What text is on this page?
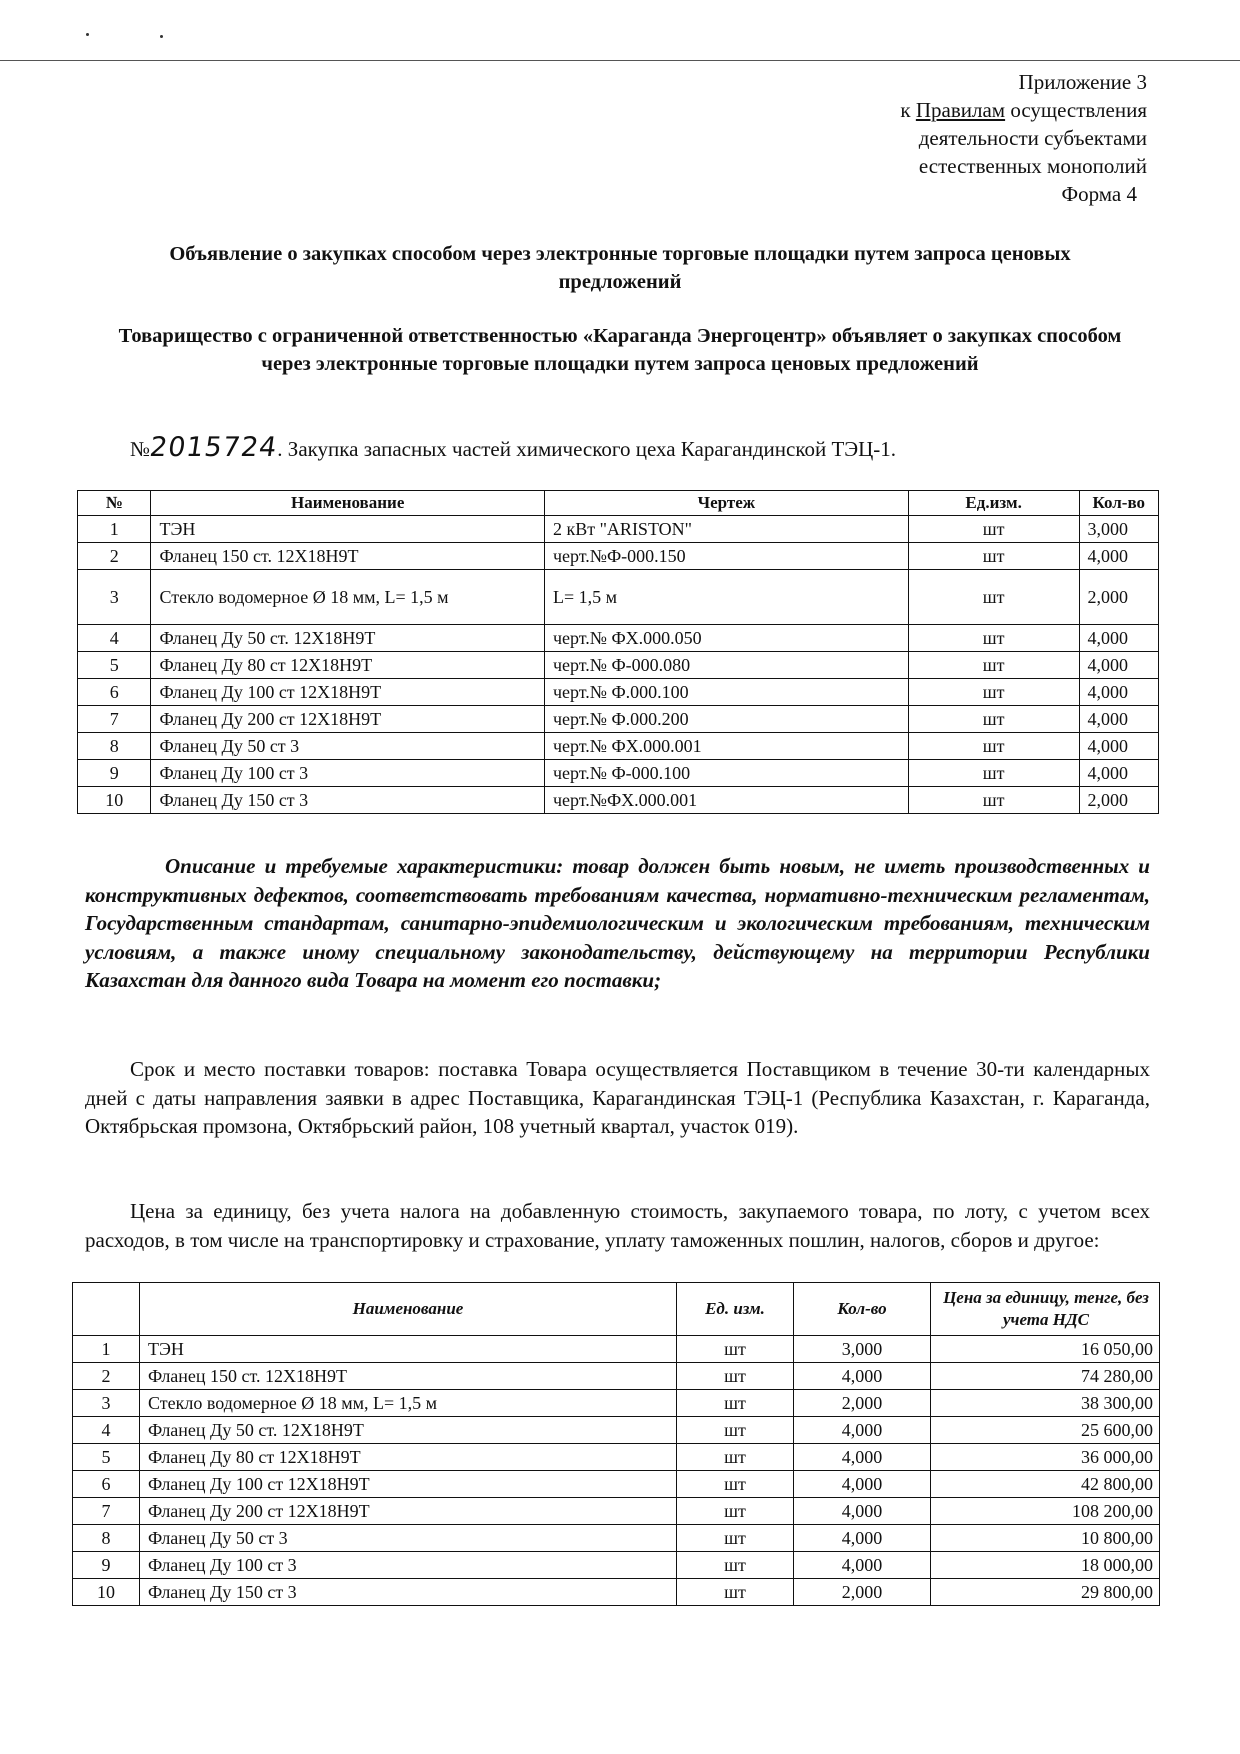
Приложение 3
к Правилам осуществления
деятельности субъектами
естественных монополий
Форма 4
Объявление о закупках способом через электронные торговые площадки путем запроса ценовых предложений
Товарищество с ограниченной ответственностью «Караганда Энергоцентр» объявляет о закупках способом через электронные торговые площадки путем запроса ценовых предложений
№2015724. Закупка запасных частей химического цеха Карагандинской ТЭЦ-1.
№	Наименование	Чертеж	Ед.изм.	Кол-во
1	ТЭН	2 кВт "ARISTON"	шт	3,000
2	Фланец 150 ст. 12Х18Н9Т	черт.№Ф-000.150	шт	4,000
3	Стекло водомерное Ø 18 мм, L= 1,5 м	L= 1,5 м	шт	2,000
4	Фланец Ду 50 ст. 12Х18Н9Т	черт.№ ФХ.000.050	шт	4,000
5	Фланец Ду 80 ст 12Х18Н9Т	черт.№ Ф-000.080	шт	4,000
6	Фланец Ду 100 ст 12Х18Н9Т	черт.№ Ф.000.100	шт	4,000
7	Фланец Ду 200 ст 12Х18Н9Т	черт.№ Ф.000.200	шт	4,000
8	Фланец Ду 50 ст 3	черт.№ ФХ.000.001	шт	4,000
9	Фланец Ду 100 ст 3	черт.№ Ф-000.100	шт	4,000
10	Фланец Ду 150 ст 3	черт.№ФХ.000.001	шт	2,000
Описание и требуемые характеристики: товар должен быть новым, не иметь производственных и конструктивных дефектов, соответствовать требованиям качества, нормативно-техническим регламентам, Государственным стандартам, санитарно-эпидемиологическим и экологическим требованиям, техническим условиям, а также иному специальному законодательству, действующему на территории Республики Казахстан для данного вида Товара на момент его поставки;
Срок и место поставки товаров: поставка Товара осуществляется Поставщиком в течение 30-ти календарных дней с даты направления заявки в адрес Поставщика, Карагандинская ТЭЦ-1 (Республика Казахстан, г. Караганда, Октябрьская промзона, Октябрьский район, 108 учетный квартал, участок 019).
Цена за единицу, без учета налога на добавленную стоимость, закупаемого товара, по лоту, с учетом всех расходов, в том числе на транспортировку и страхование, уплату таможенных пошлин, налогов, сборов и другое:
	Наименование	Ед. изм.	Кол-во	Цена за единицу, тенге, без учета НДС
1	ТЭН	шт	3,000	16 050,00
2	Фланец 150 ст. 12Х18Н9Т	шт	4,000	74 280,00
3	Стекло водомерное Ø 18 мм, L= 1,5 м	шт	2,000	38 300,00
4	Фланец Ду 50 ст. 12Х18Н9Т	шт	4,000	25 600,00
5	Фланец Ду 80 ст 12Х18Н9Т	шт	4,000	36 000,00
6	Фланец Ду 100 ст 12Х18Н9Т	шт	4,000	42 800,00
7	Фланец Ду 200 ст 12Х18Н9Т	шт	4,000	108 200,00
8	Фланец Ду 50 ст 3	шт	4,000	10 800,00
9	Фланец Ду 100 ст 3	шт	4,000	18 000,00
10	Фланец Ду 150 ст 3	шт	2,000	29 800,00
